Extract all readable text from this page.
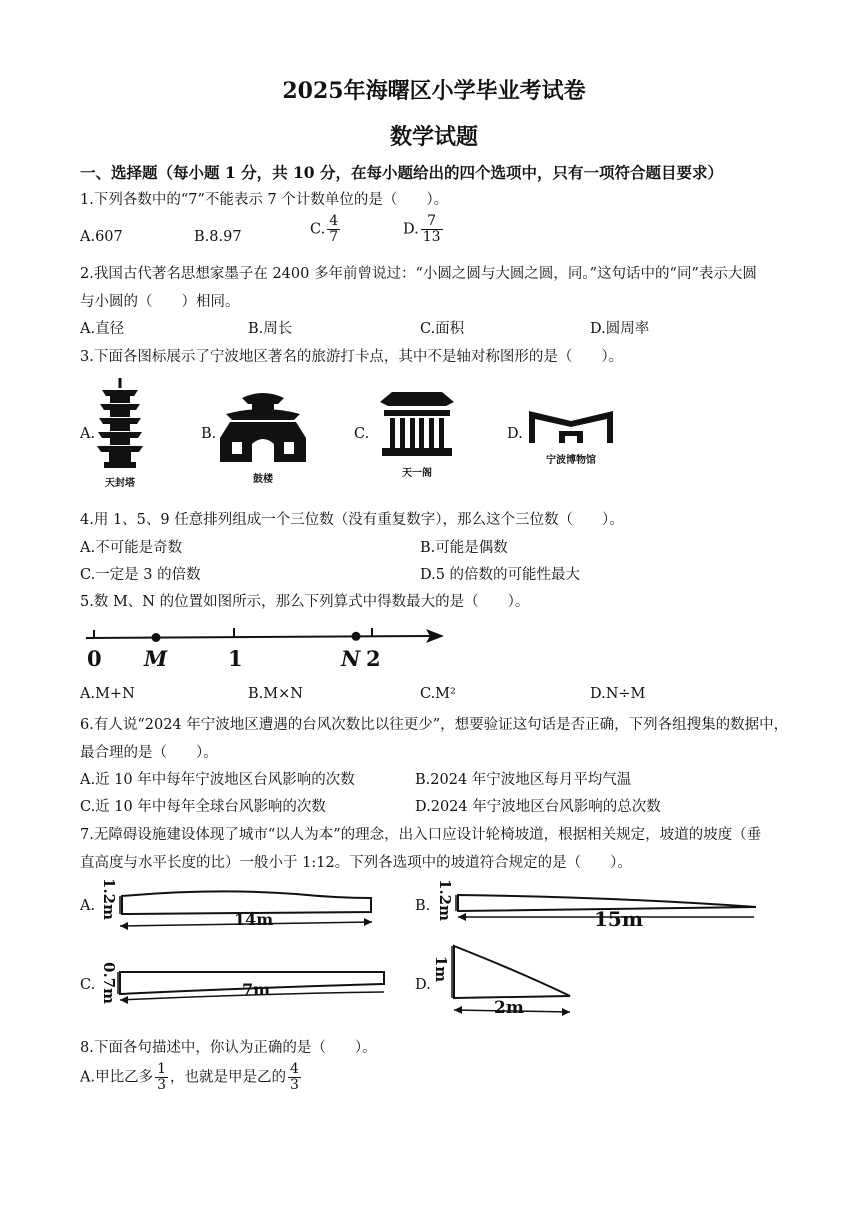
2025年海曙区小学毕业考试卷
数学试题
一、选择题（每小题 1 分，共 10 分，在每小题给出的四个选项中，只有一项符合题目要求）
1.下列各数中的“7”不能表示 7 个计数单位的是（　　）。
A.607	B.8.97	C. $\frac{4}{7}$	D. $\frac{7}{13}$
2.我国古代著名思想家墨子在 2400 多年前曾说过：“小圆之圆与大圆之圆，同。”这句话中的“同”表示大圆
与小圆的（　　）相同。
A.直径	B.周长	C.面积	D.圆周率
3.下面各图标展示了宁波地区著名的旅游打卡点，其中不是轴对称图形的是（　　）。
A.	B.	C.	D.
天封塔	鼓楼
天一阁
宁波博物馆
4.用 1、5、9 任意排列组成一个三位数（没有重复数字），那么这个三位数（　　）。
A.不可能是奇数	B.可能是偶数
C.一定是 3 的倍数	D.5 的倍数的可能性最大
5.数 M、N 的位置如图所示，那么下列算式中得数最大的是（　　）。
0 M	1	N 2
A.M+N	B.M×N	C.M²	D.N÷M
6.有人说“2024 年宁波地区遭遇的台风次数比以往更少”，想要验证这句话是否正确，下列各组搜集的数据中，
最合理的是（　　）。
A.近 10 年中每年宁波地区台风影响的次数	B.2024 年宁波地区每月平均气温
C.近 10 年中每年全球台风影响的次数	D.2024 年宁波地区台风影响的总次数
7.无障碍设施建设体现了城市“以人为本”的理念，出入口应设计轮椅坡道，根据相关规定，坡道的坡度（垂
直高度与水平长度的比）一般小于 1:12。下列各选项中的坡道符合规定的是（　　）。
A. 1.2m	14m
B. 1.2m	15m
C. 0.7m	7m	D.
1m
2m
8.下面各句描述中，你认为正确的是（　　）。
A.甲比乙多 $\frac{1}{3}$ ，也就是甲是乙的 $\frac{4}{3}$
